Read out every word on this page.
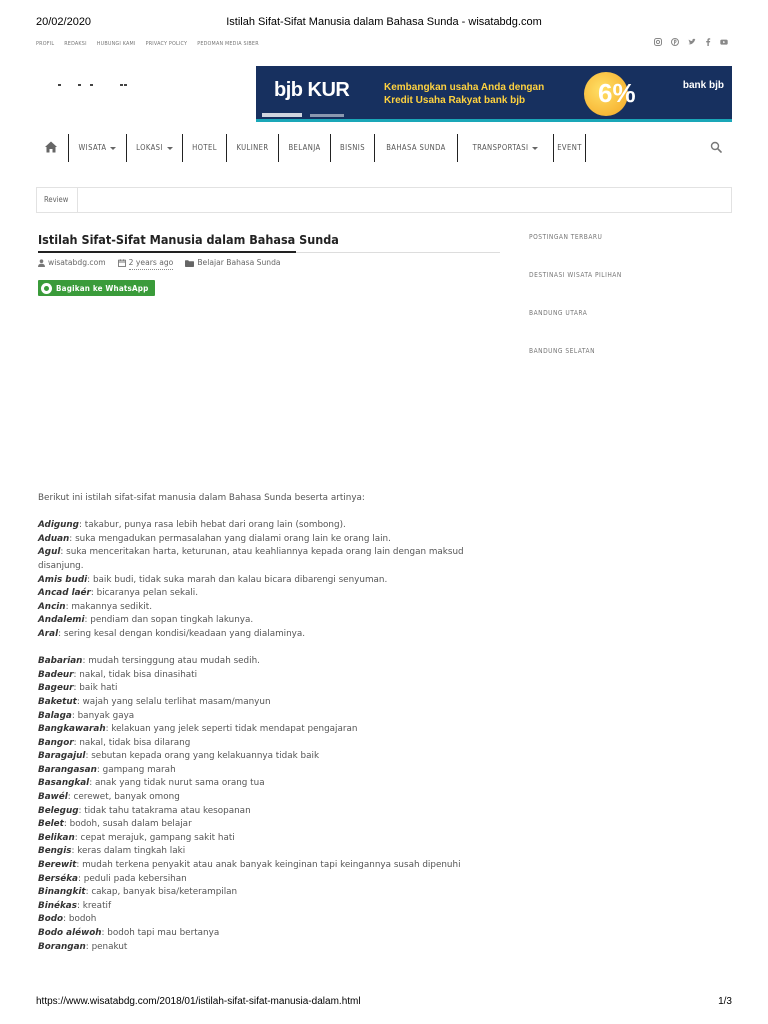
20/02/2020	Istilah Sifat-Sifat Manusia dalam Bahasa Sunda - wisatabdg.com
PROFIL REDAKSI HUBUNGI KAMI PRIVACY POLICY PEDOMAN MEDIA SIBER
bjb KUR	Kembangkan usaha Anda dengan
Kredit Usaha Rakyat bank bjb	6%	bank bjb
WISATA	LOKASI	HOTEL	KULINER	BELANJA	BISNIS	BAHASA SUNDA	TRANSPORTASI	EVENT
Review
Istilah Sifat-Sifat Manusia dalam Bahasa Sunda
wisatabdg.com	2 years ago	Belajar Bahasa Sunda
Bagikan ke WhatsApp
POSTINGAN TERBARU
DESTINASI WISATA PILIHAN
BANDUNG UTARA
BANDUNG SELATAN

Berikut ini istilah sifat-sifat manusia dalam Bahasa Sunda beserta artinya:

Adigung: takabur, punya rasa lebih hebat dari orang lain (sombong).
Aduan: suka mengadukan permasalahan yang dialami orang lain ke orang lain.
Agul: suka menceritakan harta, keturunan, atau keahliannya kepada orang lain dengan maksud disanjung.
Amis budi: baik budi, tidak suka marah dan kalau bicara dibarengi senyuman.
Ancad laér: bicaranya pelan sekali.
Ancin: makannya sedikit.
Andalemi: pendiam dan sopan tingkah lakunya.
Aral: sering kesal dengan kondisi/keadaan yang dialaminya.
Babarian: mudah tersinggung atau mudah sedih.
Badeur: nakal, tidak bisa dinasihati
Bageur: baik hati
Baketut: wajah yang selalu terlihat masam/manyun
Balaga: banyak gaya
Bangkawarah: kelakuan yang jelek seperti tidak mendapat pengajaran
Bangor: nakal, tidak bisa dilarang
Baragajul: sebutan kepada orang yang kelakuannya tidak baik
Barangasan: gampang marah
Basangkal: anak yang tidak nurut sama orang tua
Bawél: cerewet, banyak omong
Belegug: tidak tahu tatakrama atau kesopanan
Belet: bodoh, susah dalam belajar
Belikan: cepat merajuk, gampang sakit hati
Bengis: keras dalam tingkah laki
Berewit: mudah terkena penyakit atau anak banyak keinginan tapi keingannya susah dipenuhi
Berséka: peduli pada kebersihan
Binangkit: cakap, banyak bisa/keterampilan
Binékas: kreatif
Bodo: bodoh
Bodo aléwoh: bodoh tapi mau bertanya
Borangan: penakut
https://www.wisatabdg.com/2018/01/istilah-sifat-sifat-manusia-dalam.html	1/3
